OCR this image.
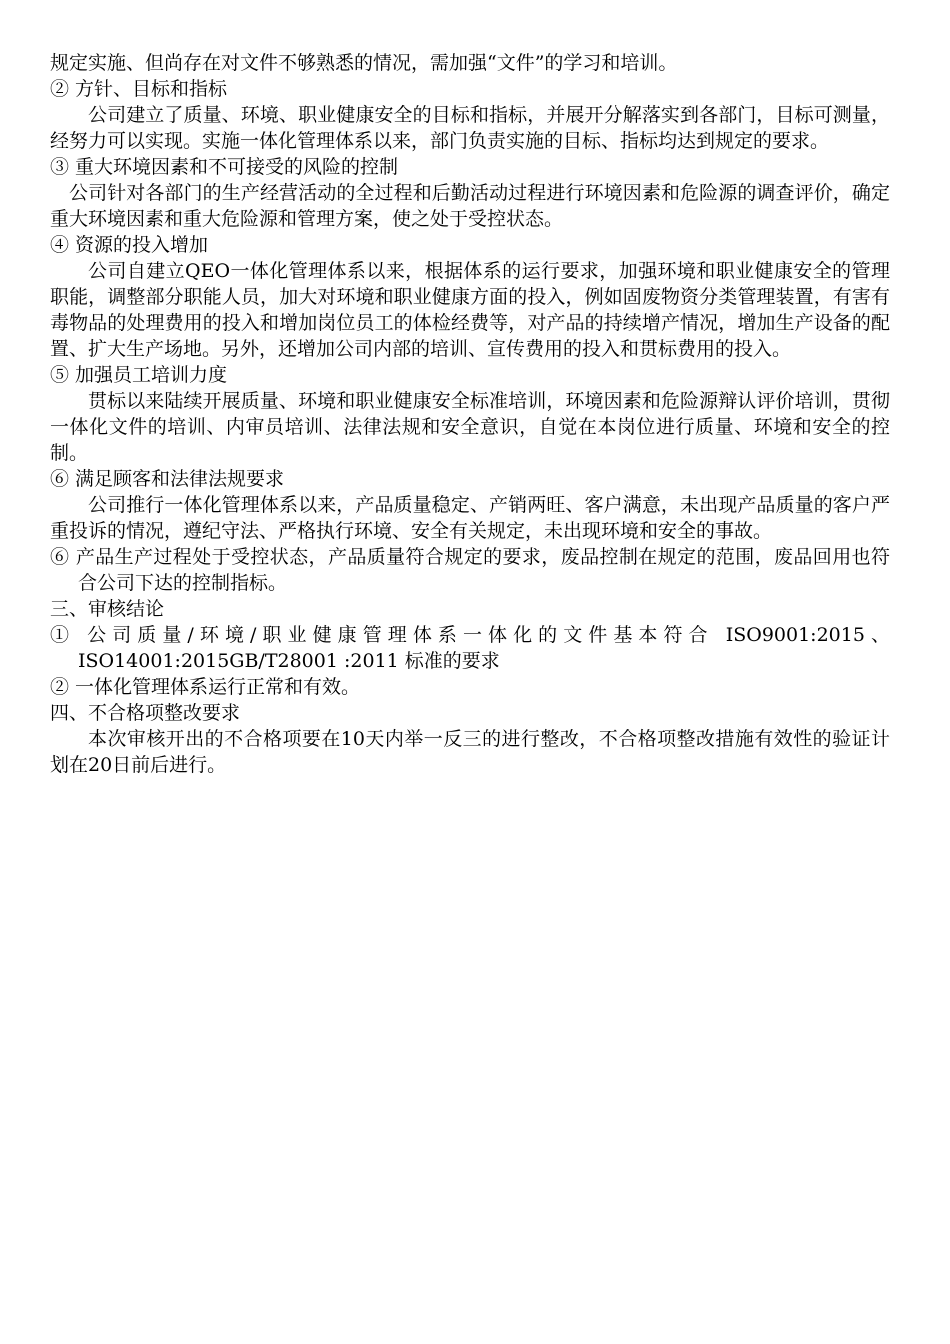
规定实施、但尚存在对文件不够熟悉的情况，需加强“文件”的学习和培训。

② 方针、目标和指标

公司建立了质量、环境、职业健康安全的目标和指标，并展开分解落实到各部门，目标可测量，经努力可以实现。实施一体化管理体系以来，部门负责实施的目标、指标均达到规定的要求。

③ 重大环境因素和不可接受的风险的控制

公司针对各部门的生产经营活动的全过程和后勤活动过程进行环境因素和危险源的调查评价，确定重大环境因素和重大危险源和管理方案，使之处于受控状态。

④ 资源的投入增加

公司自建立QEO一体化管理体系以来，根据体系的运行要求，加强环境和职业健康安全的管理职能，调整部分职能人员，加大对环境和职业健康方面的投入，例如固废物资分类管理装置，有害有毒物品的处理费用的投入和增加岗位员工的体检经费等，对产品的持续增产情况，增加生产设备的配置、扩大生产场地。另外，还增加公司内部的培训、宣传费用的投入和贯标费用的投入。

⑤ 加强员工培训力度

贯标以来陆续开展质量、环境和职业健康安全标准培训，环境因素和危险源辩认评价培训，贯彻一体化文件的培训、内审员培训、法律法规和安全意识，自觉在本岗位进行质量、环境和安全的控制。

⑥ 满足顾客和法律法规要求

公司推行一体化管理体系以来，产品质量稳定、产销两旺、客户满意，未出现产品质量的客户严重投诉的情况，遵纪守法、严格执行环境、安全有关规定，未出现环境和安全的事故。

⑥ 产品生产过程处于受控状态，产品质量符合规定的要求，废品控制在规定的范围，废品回用也符合公司下达的控制指标。

三、审核结论

① 公司质量/环境/职业健康管理体系一体化的文件基本符合 ISO9001:2015、ISO14001:2015GB/T28001 :2011 标准的要求

② 一体化管理体系运行正常和有效。

四、不合格项整改要求

本次审核开出的不合格项要在10天内举一反三的进行整改，不合格项整改措施有效性的验证计划在20日前后进行。
